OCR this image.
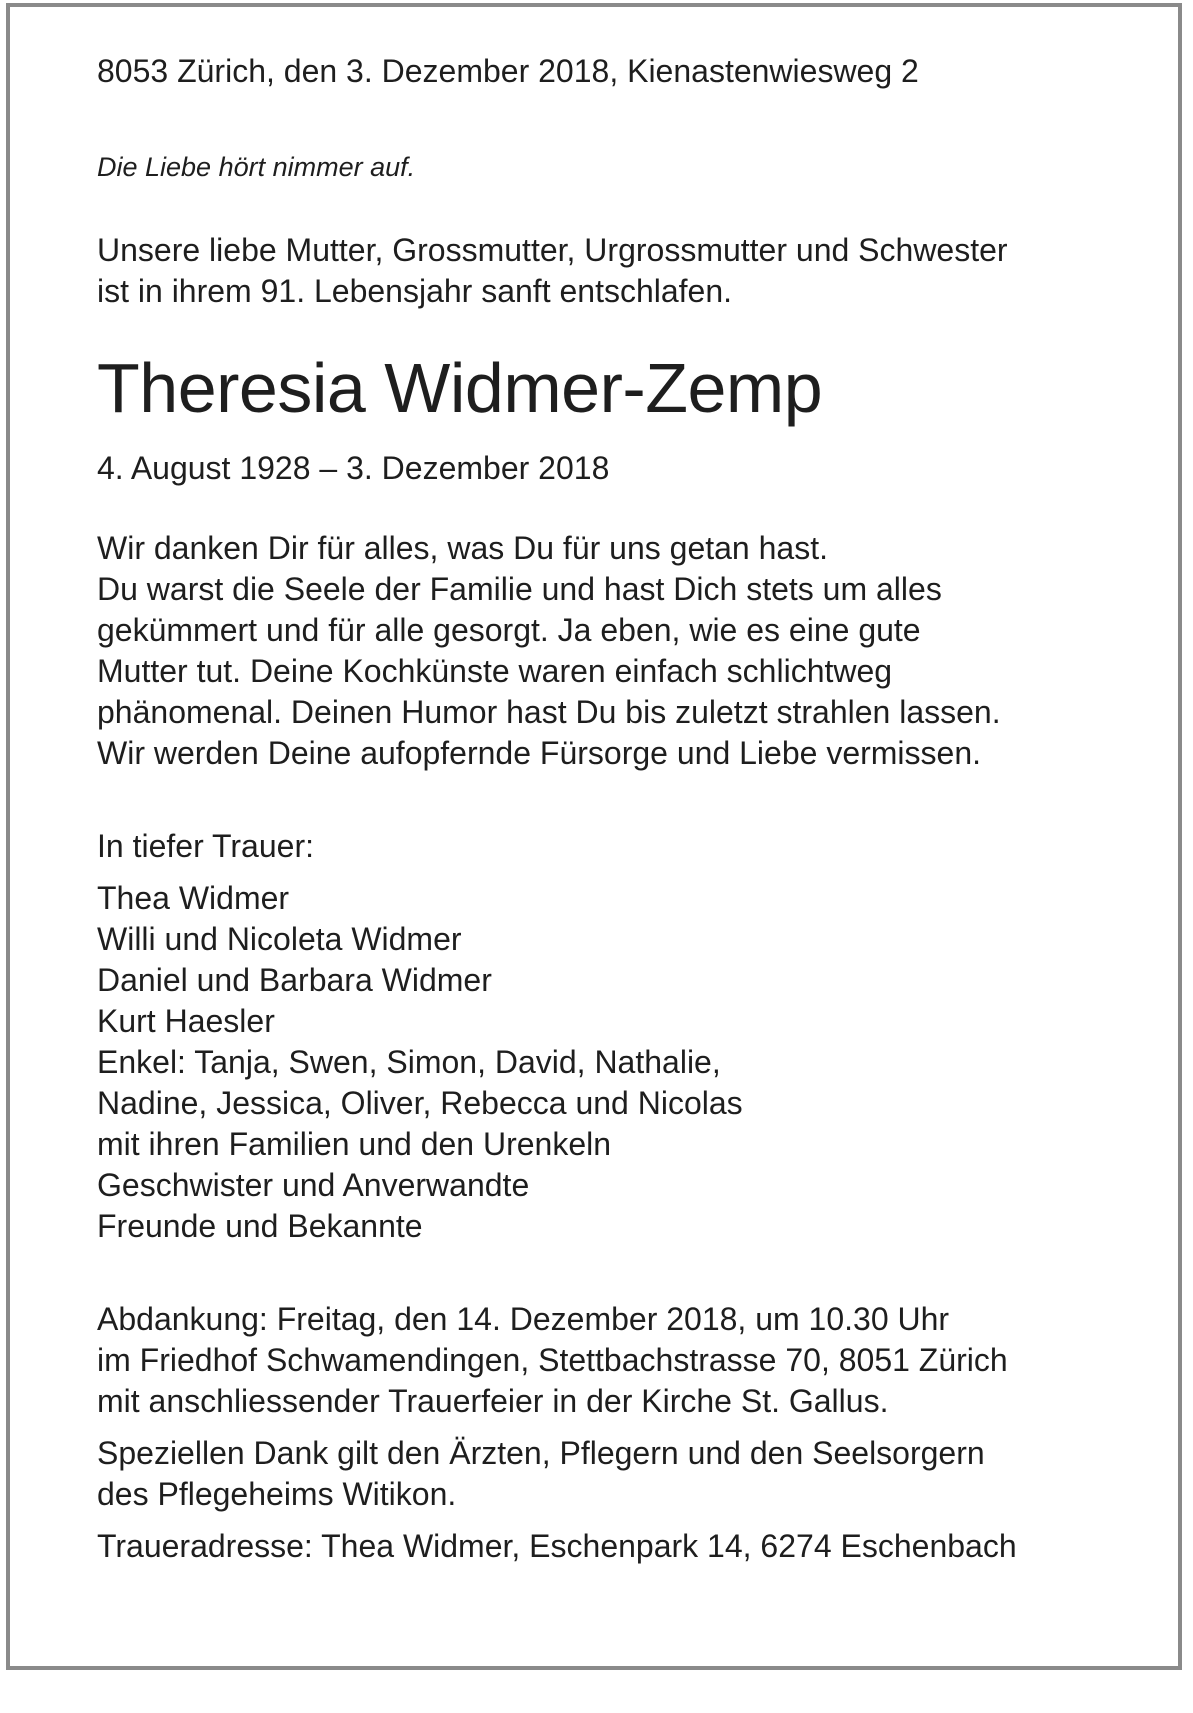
8053 Zürich, den 3. Dezember 2018, Kienastenwiesweg 2

Die Liebe hört nimmer auf.

Unsere liebe Mutter, Grossmutter, Urgrossmutter und Schwester

ist in ihrem 91. Lebensjahr sanft entschlafen.

Theresia Widmer-Zemp

4. August 1928 – 3. Dezember 2018

Wir danken Dir für alles, was Du für uns getan hast.

Du warst die Seele der Familie und hast Dich stets um alles

gekümmert und für alle gesorgt. Ja eben, wie es eine gute

Mutter tut. Deine Kochkünste waren einfach schlichtweg

phänomenal. Deinen Humor hast Du bis zuletzt strahlen lassen.

Wir werden Deine aufopfernde Fürsorge und Liebe vermissen.

In tiefer Trauer:

Thea Widmer

Willi und Nicoleta Widmer

Daniel und Barbara Widmer

Kurt Haesler

Enkel: Tanja, Swen, Simon, David, Nathalie,

Nadine, Jessica, Oliver, Rebecca und Nicolas

mit ihren Familien und den Urenkeln

Geschwister und Anverwandte

Freunde und Bekannte

Abdankung: Freitag, den 14. Dezember 2018, um 10.30 Uhr

im Friedhof Schwamendingen, Stettbachstrasse 70, 8051 Zürich

mit anschliessender Trauerfeier in der Kirche St. Gallus.

Speziellen Dank gilt den Ärzten, Pflegern und den Seelsorgern

des Pflegeheims Witikon.

Traueradresse: Thea Widmer, Eschenpark 14, 6274 Eschenbach
